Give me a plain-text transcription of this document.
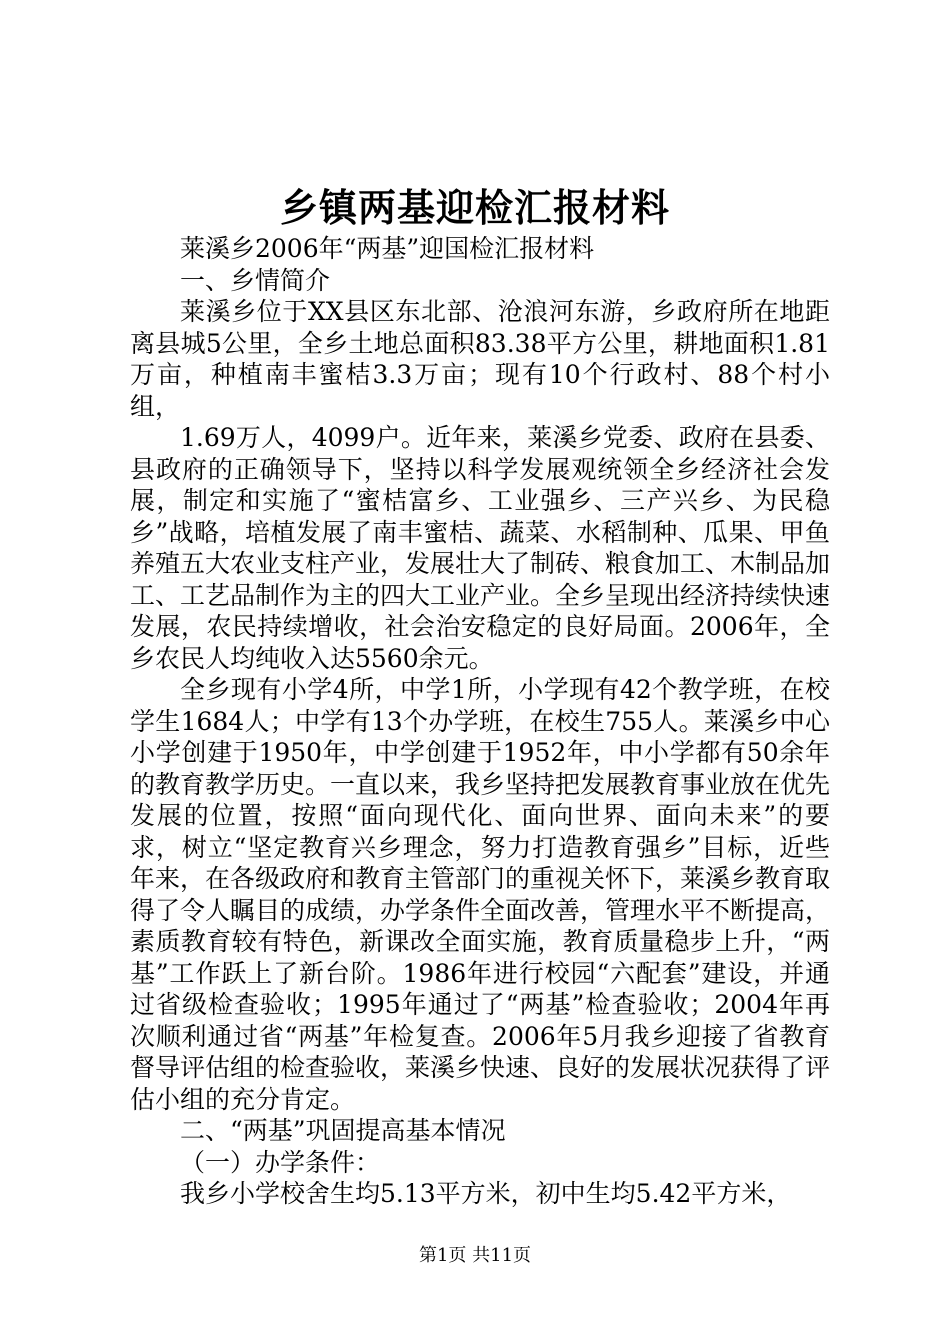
乡镇两基迎检汇报材料

莱溪乡2006年“两基”迎国检汇报材料

一、乡情简介

莱溪乡位于XX县区东北部、沧浪河东游，乡政府所在地距离县城5公里，全乡土地总面积83.38平方公里，耕地面积1.81万亩，种植南丰蜜桔3.3万亩；现有10个行政村、88个村小组，

1.69万人，4099户。近年来，莱溪乡党委、政府在县委、县政府的正确领导下，坚持以科学发展观统领全乡经济社会发展，制定和实施了“蜜桔富乡、工业强乡、三产兴乡、为民稳乡”战略，培植发展了南丰蜜桔、蔬菜、水稻制种、瓜果、甲鱼养殖五大农业支柱产业，发展壮大了制砖、粮食加工、木制品加工、工艺品制作为主的四大工业产业。全乡呈现出经济持续快速发展，农民持续增收，社会治安稳定的良好局面。2006年，全乡农民人均纯收入达5560余元。

全乡现有小学4所，中学1所，小学现有42个教学班，在校学生1684人；中学有13个办学班，在校生755人。莱溪乡中心小学创建于1950年，中学创建于1952年，中小学都有50余年的教育教学历史。一直以来，我乡坚持把发展教育事业放在优先发展的位置，按照“面向现代化、面向世界、面向未来”的要求，树立“坚定教育兴乡理念，努力打造教育强乡”目标，近些年来，在各级政府和教育主管部门的重视关怀下，莱溪乡教育取得了令人瞩目的成绩，办学条件全面改善，管理水平不断提高，素质教育较有特色，新课改全面实施，教育质量稳步上升，“两基”工作跃上了新台阶。1986年进行校园“六配套”建设，并通过省级检查验收；1995年通过了“两基”检查验收；2004年再次顺利通过省“两基”年检复查。2006年5月我乡迎接了省教育督导评估组的检查验收，莱溪乡快速、良好的发展状况获得了评估小组的充分肯定。

二、“两基”巩固提高基本情况

（一）办学条件：

我乡小学校舍生均5.13平方米，初中生均5.42平方米，

第1页 共11页
